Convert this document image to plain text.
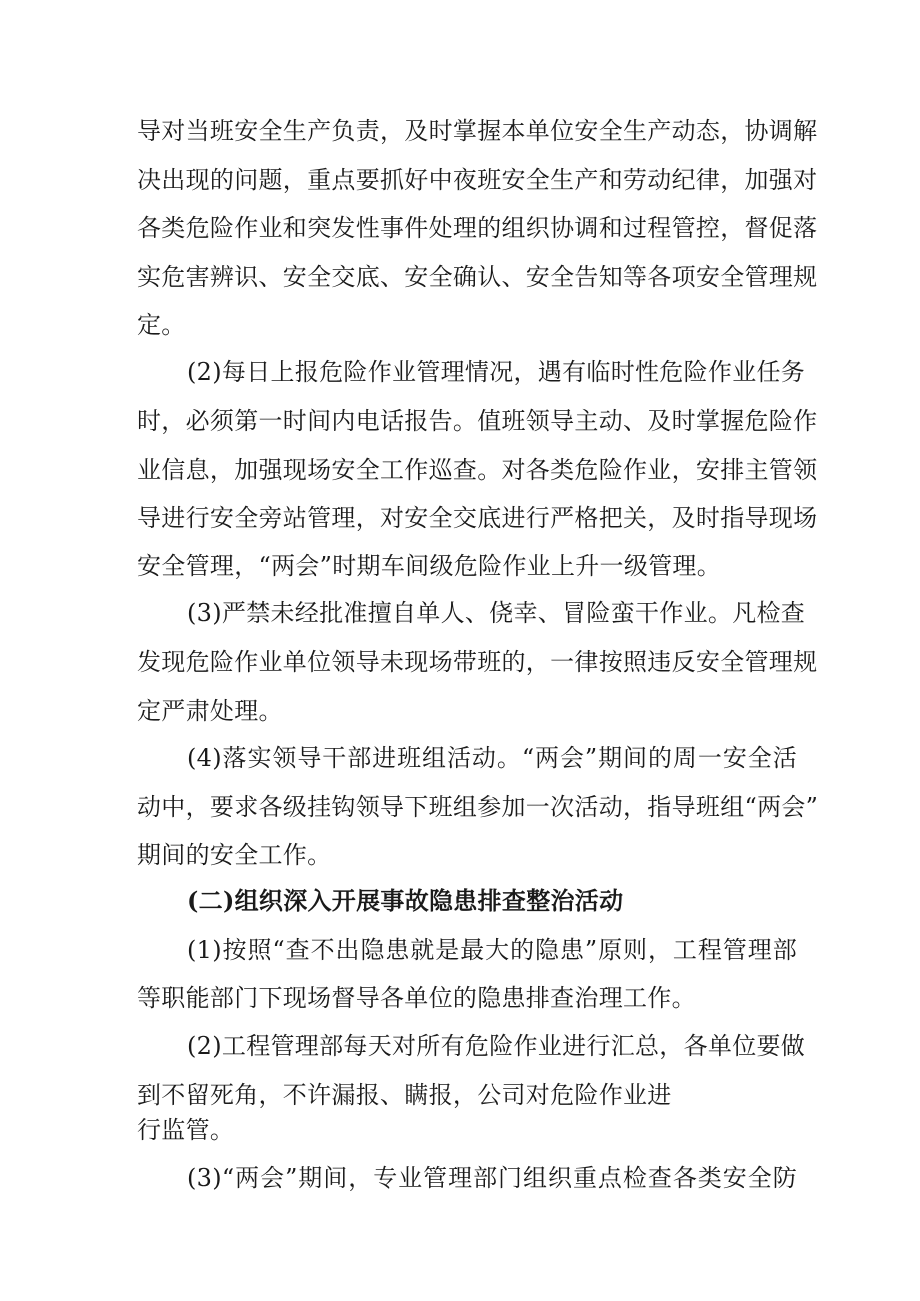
导对当班安全生产负责，及时掌握本单位安全生产动态，协调解
决出现的问题，重点要抓好中夜班安全生产和劳动纪律，加强对
各类危险作业和突发性事件处理的组织协调和过程管控，督促落
实危害辨识、安全交底、安全确认、安全告知等各项安全管理规
定。
(2)每日上报危险作业管理情况，遇有临时性危险作业任务
时，必须第一时间内电话报告。值班领导主动、及时掌握危险作
业信息，加强现场安全工作巡查。对各类危险作业，安排主管领
导进行安全旁站管理，对安全交底进行严格把关，及时指导现场
安全管理，“两会”时期车间级危险作业上升一级管理。
(3)严禁未经批准擅自单人、侥幸、冒险蛮干作业。凡检查
发现危险作业单位领导未现场带班的，一律按照违反安全管理规
定严肃处理。
(4)落实领导干部进班组活动。“两会”期间的周一安全活
动中，要求各级挂钩领导下班组参加一次活动，指导班组“两会”
期间的安全工作。
(二)组织深入开展事故隐患排查整治活动
(1)按照“查不出隐患就是最大的隐患”原则，工程管理部
等职能部门下现场督导各单位的隐患排查治理工作。
(2)工程管理部每天对所有危险作业进行汇总，各单位要做
到不留死角，不许漏报、瞒报，公司对危险作业进
行监管。
(3)“两会”期间，专业管理部门组织重点检查各类安全防
